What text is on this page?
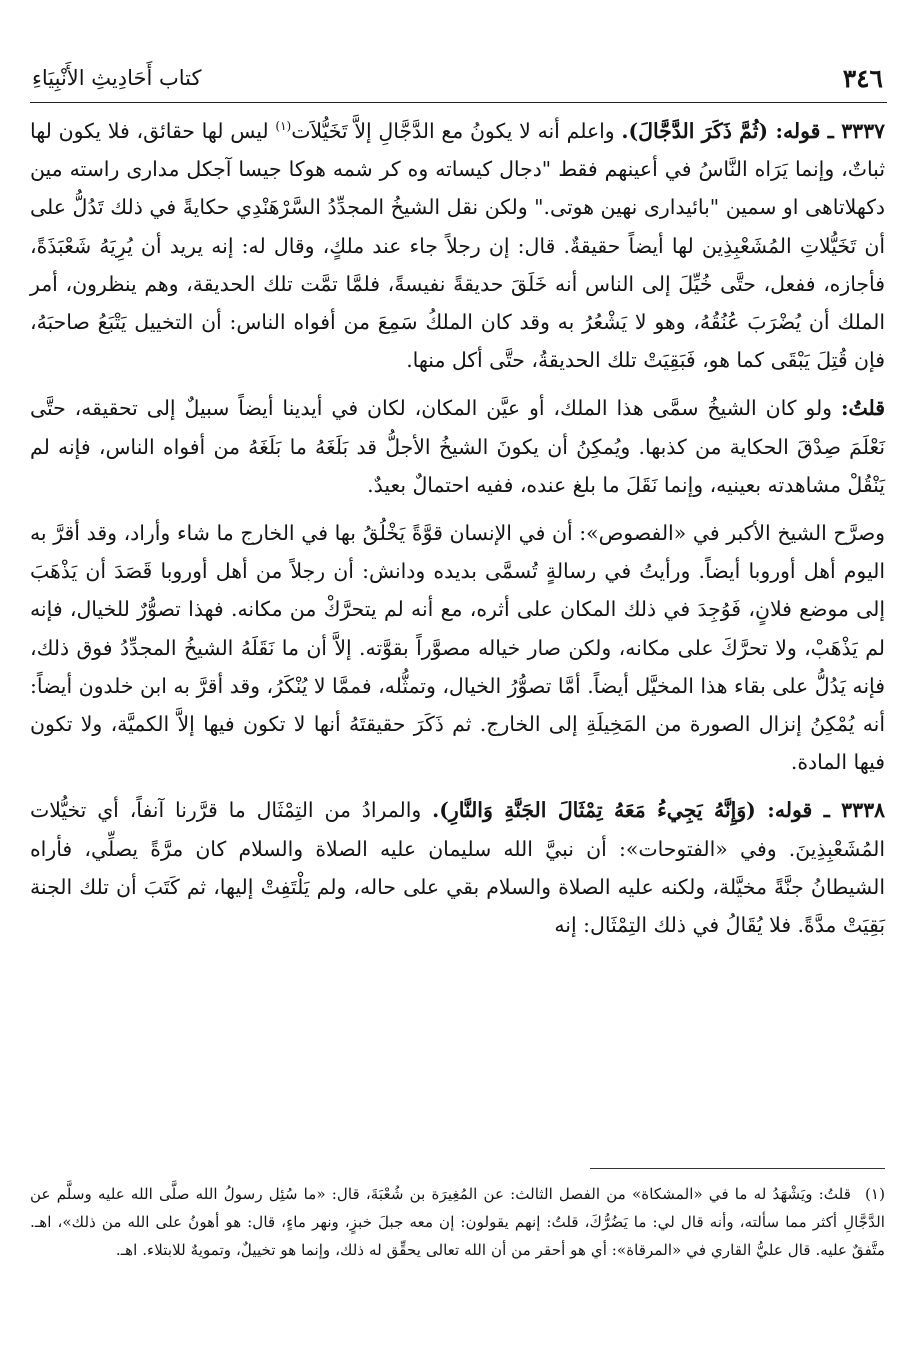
٣٤٦
كتاب أَحَادِيثِ الأَنْبِيَاءِ

٣٣٣٧ ـ قوله: (ثُمَّ ذَكَرَ الدَّجَّالَ). واعلم أنه لا يكونُ مع الدَّجَّالِ إلاَّ تَخَيُّلاَت$^{(١)}$ ليس لها حقائق، فلا يكون لها ثباتٌ، وإنما يَرَاه النَّاسُ في أعينهم فقط "دجال كيساته وه كر شمه هوكا جيسا آجكل مدارى راسته مين دكهلاتاهى او سمين "بائيدارى نهين هوتى." ولكن نقل الشيخُ المجدِّدُ السَّرْهَنْدِي حكايةً في ذلك تَدُلُّ على أن تَخَيُّلاتِ المُشَعْبِذِين لها أيضاً حقيقةٌ. قال: إن رجلاً جاء عند ملكٍ، وقال له: إنه يريد أن يُرِيَهُ شَعْبَذَةً، فأجازه، ففعل، حتَّى خُيِّلَ إلى الناس أنه خَلَقَ حديقةً نفيسةً، فلمَّا تمَّت تلك الحديقة، وهم ينظرون، أمر الملك أن يُضْرَبَ عُنُقُهُ، وهو لا يَشْعُرُ به وقد كان الملكُ سَمِعَ من أفواه الناس: أن التخييل يَتْبَعُ صاحبَهُ، فإن قُتِلَ يَبْقَى كما هو، فَبَقِيَتْ تلك الحديقةُ، حتَّى أكل منها.

قلتُ: ولو كان الشيخُ سمَّى هذا الملك، أو عيَّن المكان، لكان في أيدينا أيضاً سبيلٌ إلى تحقيقه، حتَّى نَعْلَمَ صِدْقَ الحكاية من كذبها. ويُمكِنُ أن يكونَ الشيخُ الأجلُّ قد بَلَغَهُ ما بَلَغَهُ من أفواه الناس، فإنه لم يَنْقُلْ مشاهدته بعينيه، وإنما نَقَلَ ما بلغ عنده، ففيه احتمالٌ بعيدٌ.

وصرَّح الشيخ الأكبر في «الفصوص»: أن في الإنسان قوَّةً يَخْلُقُ بها في الخارج ما شاء وأراد، وقد أقرَّ به اليوم أهل أوروبا أيضاً. ورأيتُ في رسالةٍ تُسمَّى بديده ودانش: أن رجلاً من أهل أوروبا قَصَدَ أن يَذْهَبَ إلى موضع فلانٍ، فَوُجِدَ في ذلك المكان على أثره، مع أنه لم يتحرَّكْ من مكانه. فهذا تصوُّرٌ للخيال، فإنه لم يَذْهَبْ، ولا تحرَّكَ على مكانه، ولكن صار خياله مصوَّراً بقوَّته. إلاَّ أن ما نَقَلَهُ الشيخُ المجدِّدُ فوق ذلك، فإنه يَدُلُّ على بقاء هذا المخيَّل أيضاً. أمَّا تصوُّرُ الخيال، وتمثُّله، فممَّا لا يُنْكَرُ، وقد أقرَّ به ابن خلدون أيضاً: أنه يُمْكِنُ إنزال الصورة من المَخِيلَةِ إلى الخارج. ثم ذَكَرَ حقيقتَهُ أنها لا تكون فيها إلاَّ الكميَّة، ولا تكون فيها المادة.

٣٣٣٨ ـ قوله: (وَإِنَّهُ يَجِيءُ مَعَهُ تِمْثَالَ الجَنَّةِ وَالنَّارِ). والمرادُ من التِمْثَال ما قرَّرنا آنفاً، أي تخيُّلات المُشَعْبِذِينَ. وفي «الفتوحات»: أن نبيَّ الله سليمان عليه الصلاة والسلام كان مرَّةً يصلِّي، فأراه الشيطانُ جنَّةً مخيَّلة، ولكنه عليه الصلاة والسلام بقي على حاله، ولم يَلْتَفِتْ إليها، ثم كَتَبَ أن تلك الجنة بَقِيَتْ مدَّةً. فلا يُقَالُ في ذلك التِمْثَال: إنه

(١)قلتُ: ويَشْهَدُ له ما في «المشكاة» من الفصل الثالث: عن المُغِيرَة بن شُعْبَةَ، قال: «ما سُئِل رسولُ الله صلَّى الله عليه وسلَّم عن الدَّجَّالِ أكثر مما سألته، وأنه قال لي: ما يَضُرُّكَ، قلتُ: إنهم يقولون: إن معه جبلَ خبزٍ، ونهر ماءٍ، قال: هو أهونُ على الله من ذلك»، اهـ. متَّفقٌ عليه. قال عليُّ القاري في «المرقاة»: أي هو أحقر من أن الله تعالى يحقِّق له ذلك، وإنما هو تخييلٌ، وتمويهٌ للابتلاء. اهـ.
